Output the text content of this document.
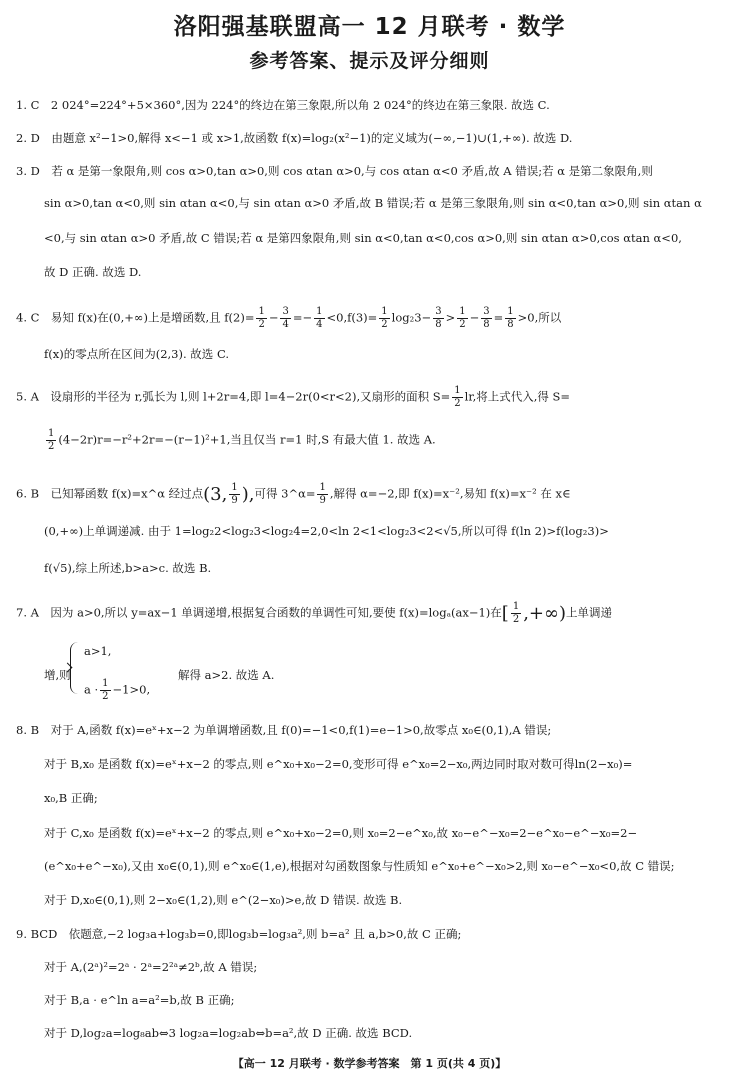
洛阳强基联盟高一 12 月联考 · 数学
参考答案、提示及评分细则
1. C　2 024°=224°+5×360°,因为 224°的终边在第三象限,所以角 2 024°的终边在第三象限. 故选 C.
2. D　由题意 x²−1>0,解得 x<−1 或 x>1,故函数 f(x)=log₂(x²−1)的定义域为(−∞,−1)∪(1,+∞). 故选 D.
3. D　若 α 是第一象限角,则 cos α>0,tan α>0,则 cos αtan α>0,与 cos αtan α<0 矛盾,故 A 错误;若 α 是第二象限角,则
sin α>0,tan α<0,则 sin αtan α<0,与 sin αtan α>0 矛盾,故 B 错误;若 α 是第三象限角,则 sin α<0,tan α>0,则 sin αtan α
<0,与 sin αtan α>0 矛盾,故 C 错误;若 α 是第四象限角,则 sin α<0,tan α<0,cos α>0,则 sin αtan α>0,cos αtan α<0,
故 D 正确. 故选 D.
4. C　易知 f(x)在(0,+∞)上是增函数,且 $f(2)= \frac{1}{2} - \frac{3}{4} =- \frac{1}{4} <0,f(3)= \frac{1}{2} \log_23- \frac{3}{8} > \frac{1}{2} - \frac{3}{8} = \frac{1}{8} >0$,所以
f(x)的零点所在区间为(2,3). 故选 C.
5. A　设扇形的半径为 r,弧长为 l,则 l+2r=4,即 l=4−2r(0<r<2),又扇形的面积 $S= \frac{1}{2}$ lr,将上式代入,得 S=
$\frac{1}{2} (4-2r)r=-r^2+2r=-(r-1)^2+1$,当且仅当 r=1 时,S 有最大值 1. 故选 A.
6. B　已知幂函数 f(x)=x^α 经过点(3, $\frac{1}{9}$ ),可得 3^α= $\frac{1}{9}$ ,解得 α=−2,即 f(x)=x⁻²,易知 f(x)=x⁻² 在 x∈
(0,+∞)上单调递减. 由于 1=log₂2<log₂3<log₂4=2,0<ln 2<1<log₂3<2<√5,所以可得 f(ln 2)>f(log₂3)>
f(√5),综上所述,b>a>c. 故选 B.
7. A　因为 a>0,所以 y=ax−1 单调递增,根据复合函数的单调性可知,要使 f(x)=logₐ(ax−1)在[ $\frac{1}{2}$ ,+∞)上单调递
增,则
a>1,
$a \cdot \frac{1}{2} -1>0$,
解得 a>2. 故选 A.
8. B　对于 A,函数 f(x)=eˣ+x−2 为单调增函数,且 f(0)=−1<0,f(1)=e−1>0,故零点 x₀∈(0,1),A 错误;
对于 B,x₀ 是函数 f(x)=eˣ+x−2 的零点,则 e^x₀+x₀−2=0,变形可得 e^x₀=2−x₀,两边同时取对数可得ln(2−x₀)=
x₀,B 正确;
对于 C,x₀ 是函数 f(x)=eˣ+x−2 的零点,则 e^x₀+x₀−2=0,则 x₀=2−e^x₀,故 x₀−e^−x₀=2−e^x₀−e^−x₀=2−
(e^x₀+e^−x₀),又由 x₀∈(0,1),则 e^x₀∈(1,e),根据对勾函数图象与性质知 e^x₀+e^−x₀>2,则 x₀−e^−x₀<0,故 C 错误;
对于 D,x₀∈(0,1),则 2−x₀∈(1,2),则 e^(2−x₀)>e,故 D 错误. 故选 B.
9. BCD　依题意,−2 log₃a+log₃b=0,即log₃b=log₃a²,则 b=a² 且 a,b>0,故 C 正确;
对于 A,(2ᵃ)²=2ᵃ · 2ᵃ=2²ᵃ≠2ᵇ,故 A 错误;
对于 B,a · e^ln a=a²=b,故 B 正确;
对于 D,log₂a=log₈ab⇔3 log₂a=log₂ab⇔b=a²,故 D 正确. 故选 BCD.
【高一 12 月联考 · 数学参考答案　第 1 页(共 4 页)】
